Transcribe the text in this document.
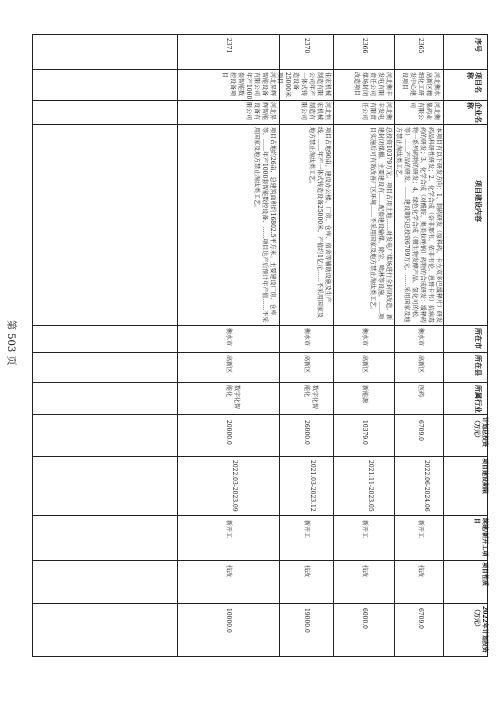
序号
项目名称
企业名称
项目建设内容
所在市
所在县
所属行业
计划总投资（万元）
项目建设期限
续建/新开工项目
项目性质
2022年计划投资（万元）
2365
河北衡水高新区精细化工研发中心建设项目
河北衡集药业有限公司
本项目有以下研发方向：1、制药研发（原料药、卡左双多巴缓释片）研发药品科研性研发；2、化学合成（奈非那韦、依非韦伦、恩替卡韦）抗病毒药的研发；3、化学合成（对酰胺、奥美拉唑钠）药物的合成研发：缓释药物一系列药物的研发；4、绿色化学合成（微生物发酵产品、氢化可的松等）……产品的研发，……建设期内总投资6709万元，……采用国家及地方禁止淘汰类工艺。
衡水市
高新区
医药
6709.0
2022.06-2024.06
新开工
技改
6709.0
2366
河北衡丰发电有限责任公司煤场封闭改造项目
河北衡丰发电有限责任公司
总投资10379万元。项目占用土地……对发电厂煤场进行全封闭改造，新建封闭煤棚，主要建设有……配套建设输煤、除尘、喷淋等设施，……项目实施后可有效改善厂区环境……不采用国家及地方禁止淘汰类工艺。
衡水市
高新区
新能源
10379.0
2021.11-2023.05
新开工
技改
6000.0
2370
佳宏机械制造有限公司年产一体式铸造设备25000米项目
河北恒宏机械制造有限公司
项目占地90亩。建设办公楼、厂房、仓库、宿舍等辅助设施及生产线，……年产一体式铸造设备25000米，产值约1亿元……不采用国家及地方禁止淘汰类工艺。
衡水市
高新区
数字化智能化
26000.0
2021.03-2023.12
新开工
技改
19000.0
2371
河北昇辉智能设备有限公司年产1000套智能数控设备项目
河北昇辉智能设备有限公司
项目占地约26亩，总建筑面积约16802.5平方米。主要建设厂房、仓库等，……年产1000套智能数控设备，……项目达产后预计年产值……不采用国家及地方禁止淘汰类工艺。
衡水市
高新区
数字化智能化
20000.0
2022.03-2023.09
新开工
技改
10000.0
第 503 页
